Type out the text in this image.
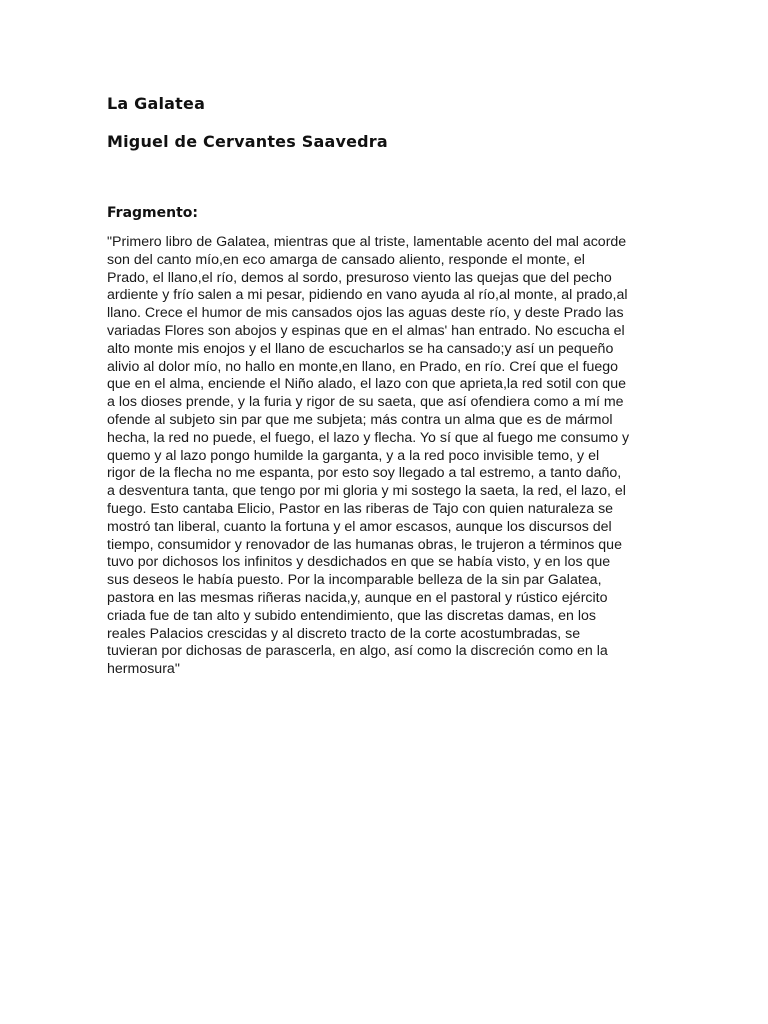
La Galatea
Miguel de Cervantes Saavedra
Fragmento:
"Primero libro de Galatea, mientras que al triste, lamentable acento del mal acorde
son del canto mío,en eco amarga de cansado aliento, responde el monte, el
Prado, el llano,el río, demos al sordo, presuroso viento las quejas que del pecho
ardiente y frío salen a mi pesar, pidiendo en vano ayuda al río,al monte, al prado,al
llano. Crece el humor de mis cansados ojos las aguas deste río, y deste Prado las
variadas Flores son abojos y espinas que en el almas' han entrado. No escucha el
alto monte mis enojos y el llano de escucharlos se ha cansado;y así un pequeño
alivio al dolor mío, no hallo en monte,en llano, en Prado, en río. Creí que el fuego
que en el alma, enciende el Niño alado, el lazo con que aprieta,la red sotil con que
a los dioses prende, y la furia y rigor de su saeta, que así ofendiera como a mí me
ofende al subjeto sin par que me subjeta; más contra un alma que es de mármol
hecha, la red no puede, el fuego, el lazo y flecha. Yo sí que al fuego me consumo y
quemo y al lazo pongo humilde la garganta, y a la red poco invisible temo, y el
rigor de la flecha no me espanta, por esto soy llegado a tal estremo, a tanto daño,
a desventura tanta, que tengo por mi gloria y mi sostego la saeta, la red, el lazo, el
fuego. Esto cantaba Elicio, Pastor en las riberas de Tajo con quien naturaleza se
mostró tan liberal, cuanto la fortuna y el amor escasos, aunque los discursos del
tiempo, consumidor y renovador de las humanas obras, le trujeron a términos que
tuvo por dichosos los infinitos y desdichados en que se había visto, y en los que
sus deseos le había puesto. Por la incomparable belleza de la sin par Galatea,
pastora en las mesmas riñeras nacida,y, aunque en el pastoral y rústico ejército
criada fue de tan alto y subido entendimiento, que las discretas damas, en los
reales Palacios crescidas y al discreto tracto de la corte acostumbradas, se
tuvieran por dichosas de parascerla, en algo, así como la discreción como en la
hermosura"
